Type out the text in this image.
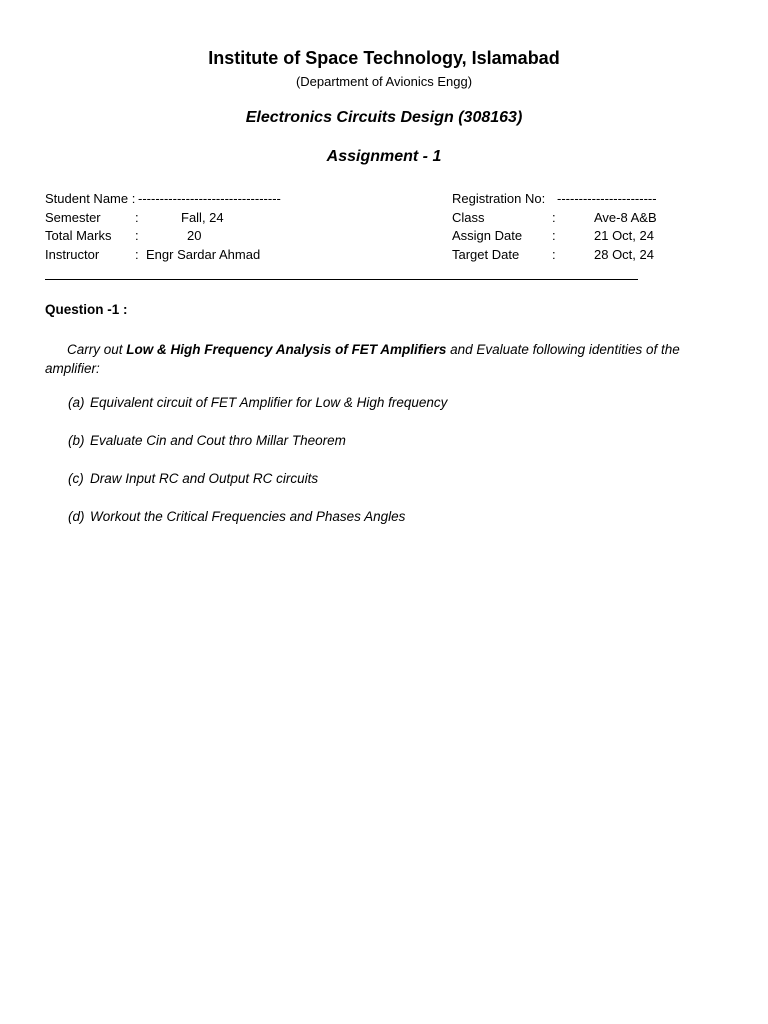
Institute of Space Technology, Islamabad
(Department of Avionics Engg)
Electronics Circuits Design (308163)
Assignment - 1
Student Name : ---------------------------------
Semester	:	Fall, 24
Total Marks :	20
Instructor	: Engr Sardar Ahmad
Registration No: -----------------------
Class	:	Ave-8 A&B
Assign Date :	21 Oct, 24
Target Date	:	28 Oct, 24
Question -1 :
Carry out Low & High Frequency Analysis of FET Amplifiers and Evaluate following identities of the amplifier:
(a) Equivalent circuit of FET Amplifier for Low & High frequency
(b) Evaluate Cin and Cout thro Millar Theorem
(c) Draw Input RC and Output RC circuits
(d) Workout the Critical Frequencies and Phases Angles
